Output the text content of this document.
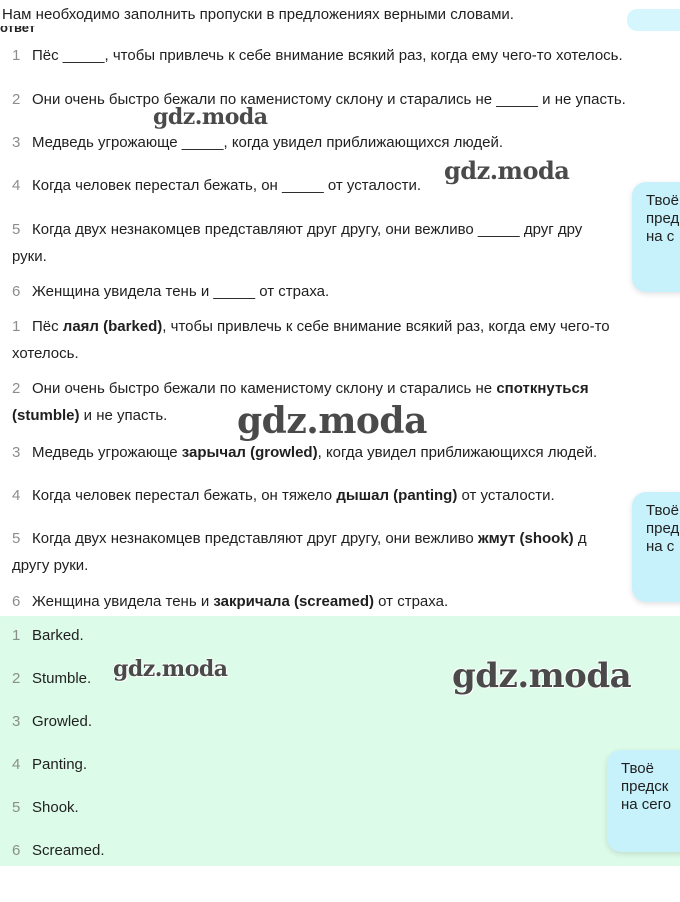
Нам необходимо заполнить пропуски в предложениях верными словами.
ответ
1 Пёс _____, чтобы привлечь к себе внимание всякий раз, когда ему чего-то хотелось.
2 Они очень быстро бежали по каменистому склону и старались не _____ и не упасть.
3 Медведь угрожающе _____, когда увидел приближающихся людей.
4 Когда человек перестал бежать, он _____ от усталости.
5 Когда двух незнакомцев представляют друг другу, они вежливо _____ друг дру
руки.
6 Женщина увидела тень и _____ от страха.
1 Пёс лаял (barked), чтобы привлечь к себе внимание всякий раз, когда ему чего-то
хотелось.
2 Они очень быстро бежали по каменистому склону и старались не споткнуться
(stumble) и не упасть.
3 Медведь угрожающе зарычал (growled), когда увидел приближающихся людей.
4 Когда человек перестал бежать, он тяжело дышал (panting) от усталости.
5 Когда двух незнакомцев представляют друг другу, они вежливо жмут (shook) д
другу руки.
6 Женщина увидела тень и закричала (screamed) от страха.
1 Barked.
2 Stumble.
3 Growled.
4 Panting.
5 Shook.
6 Screamed.
gdz.moda
gdz.moda
gdz.moda
gdz.moda	gdz.moda
Твоё
пред
на с
Твоё
пред
на с
Твоё
предск
на сего
